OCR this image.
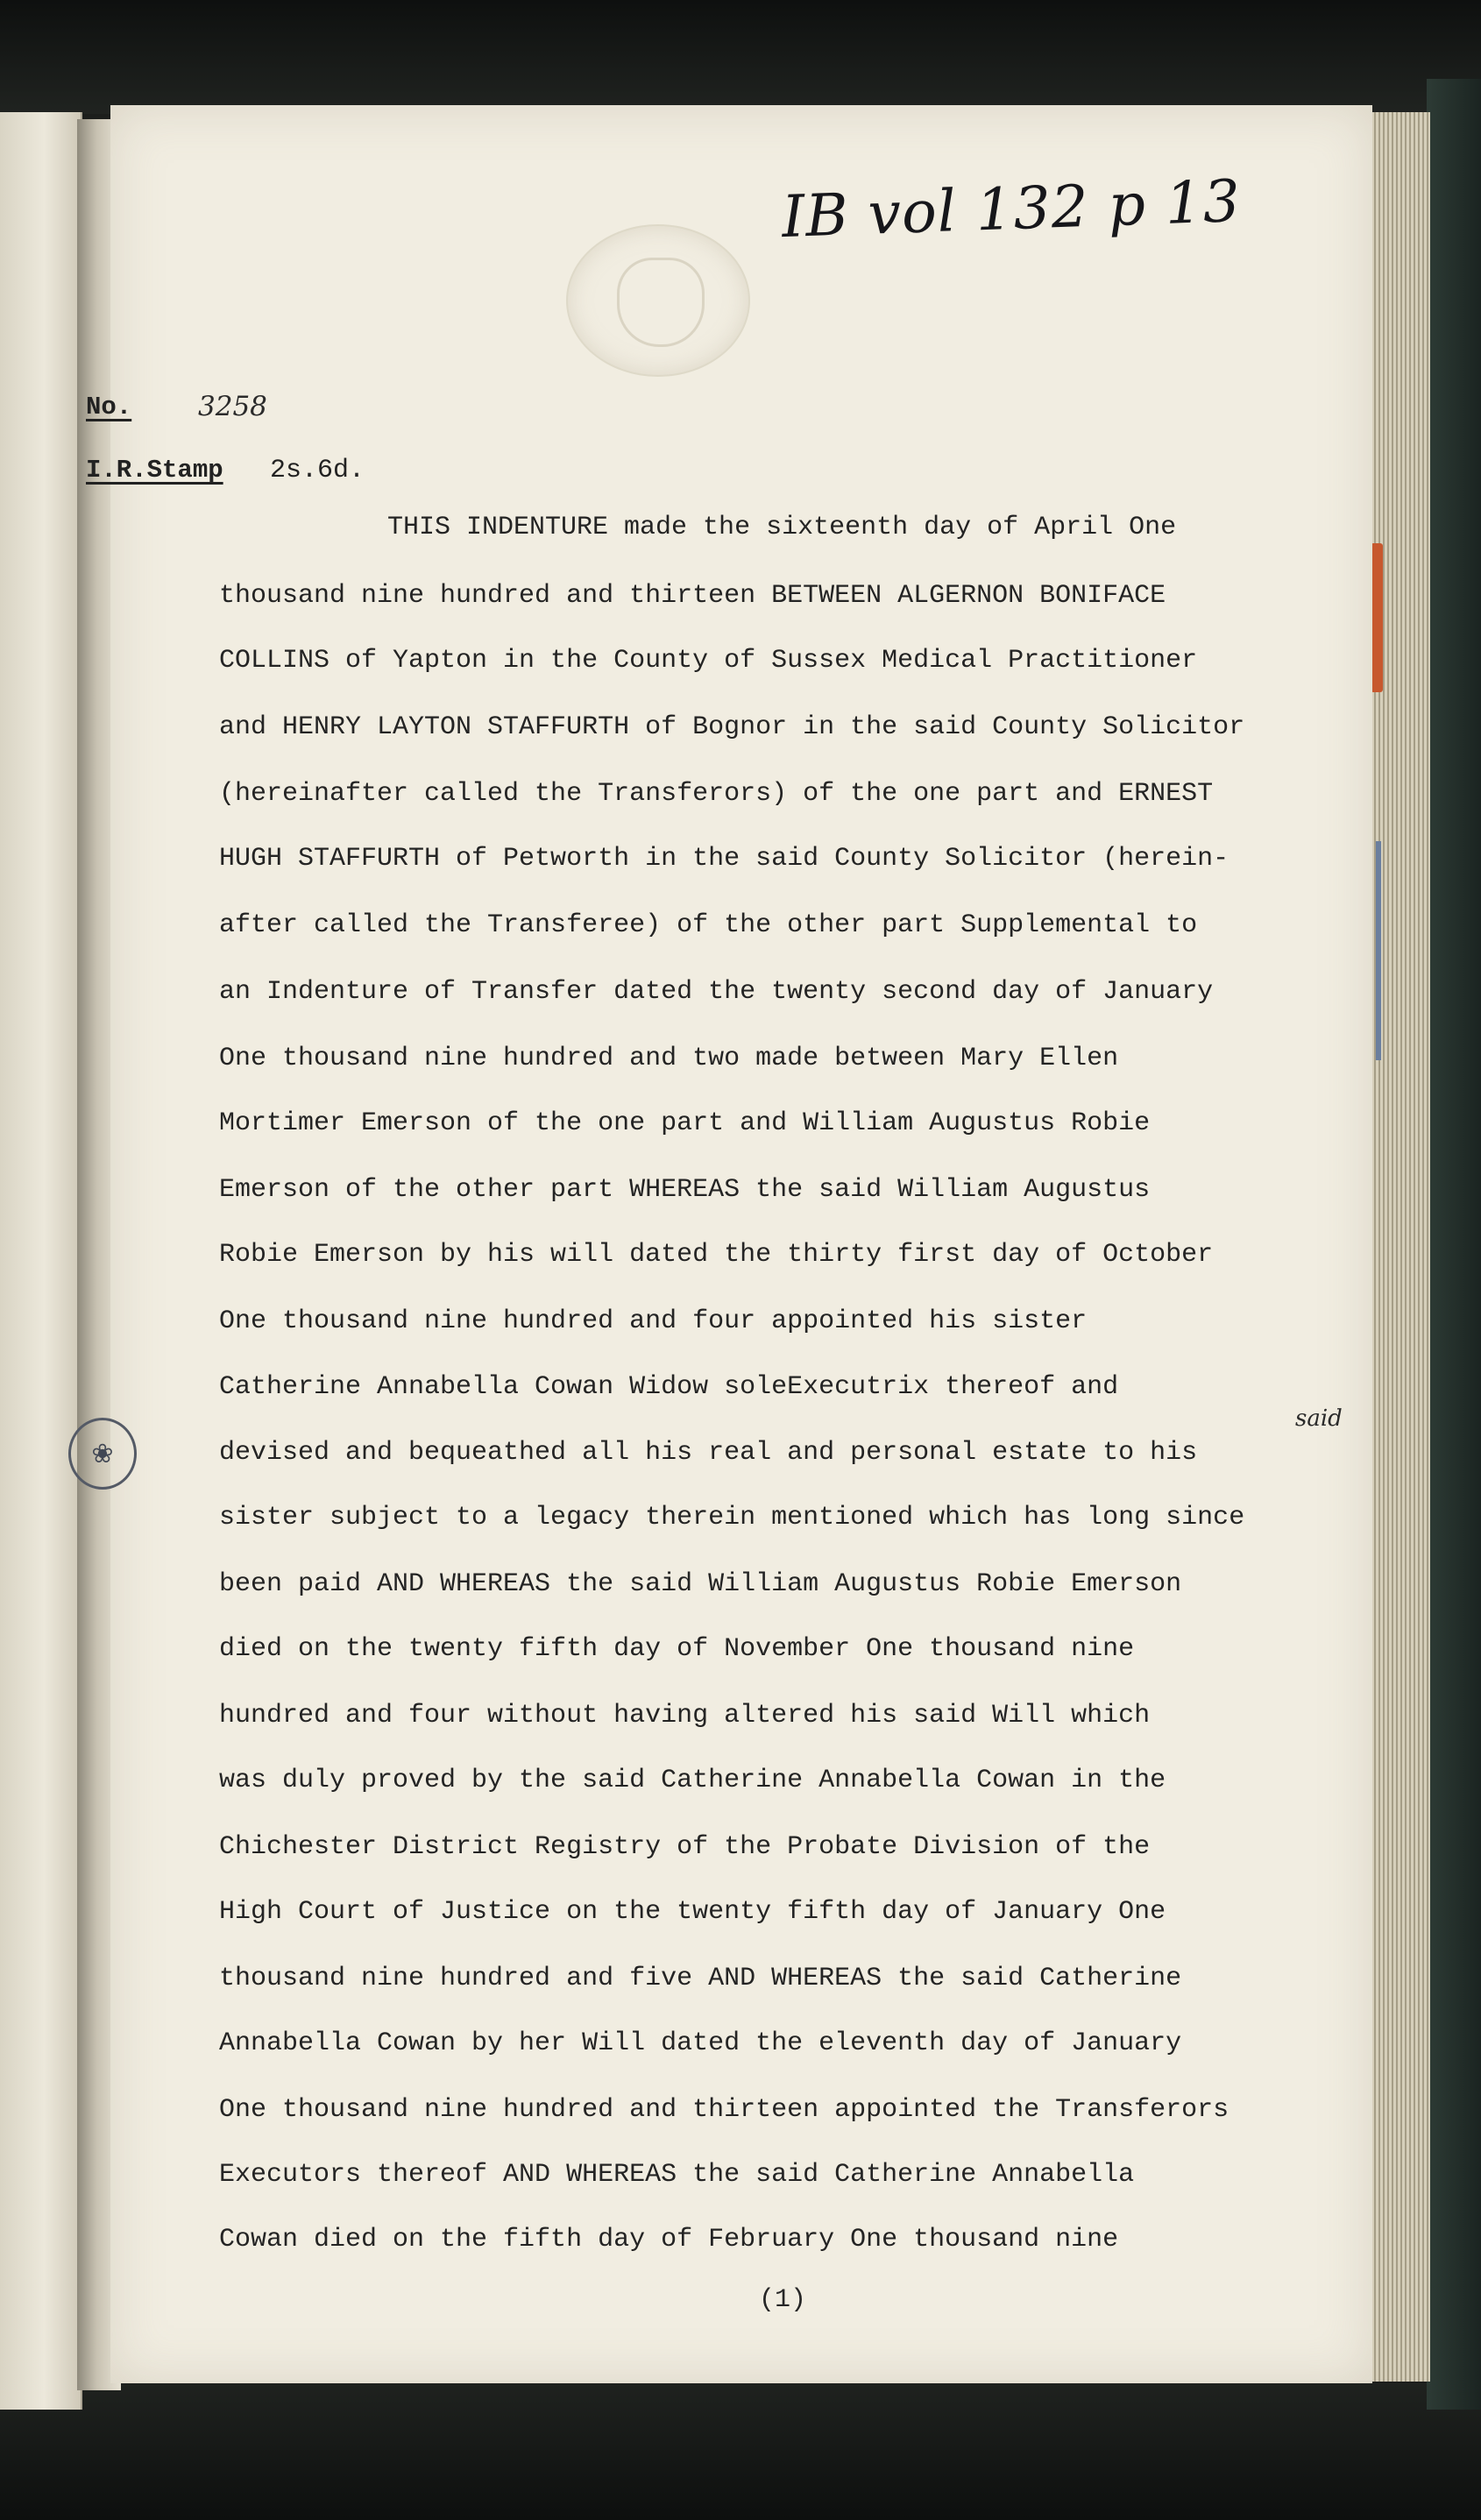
❀
IB vol 132 p 13
No. 3258
I.R.Stamp 2s.6d.
THIS INDENTURE made the sixteenth day of April One
thousand nine hundred and thirteen BETWEEN ALGERNON BONIFACE
COLLINS of Yapton in the County of Sussex Medical Practitioner
and HENRY LAYTON STAFFURTH of Bognor in the said County Solicitor
(hereinafter called the Transferors) of the one part and ERNEST
HUGH STAFFURTH of Petworth in the said County Solicitor (herein-
after called the Transferee) of the other part Supplemental to
an Indenture of Transfer dated the twenty second day of January
One thousand nine hundred and two made between Mary Ellen
Mortimer Emerson of the one part and William Augustus Robie
Emerson of the other part WHEREAS the said William Augustus
Robie Emerson by his will dated the thirty first day of October
One thousand nine hundred and four appointed his sister
Catherine Annabella Cowan Widow soleExecutrix thereof and
devised and bequeathed all his real and personal estate to his
sister subject to a legacy therein mentioned which has long since
been paid AND WHEREAS the said William Augustus Robie Emerson
died on the twenty fifth day of November One thousand nine
hundred and four without having altered his said Will which
was duly proved by the said Catherine Annabella Cowan in the
Chichester District Registry of the Probate Division of the
High Court of Justice on the twenty fifth day of January One
thousand nine hundred and five AND WHEREAS the said Catherine
Annabella Cowan by her Will dated the eleventh day of January
One thousand nine hundred and thirteen appointed the Transferors
Executors thereof AND WHEREAS the said Catherine Annabella
Cowan died on the fifth day of February One thousand nine
said
(1)
